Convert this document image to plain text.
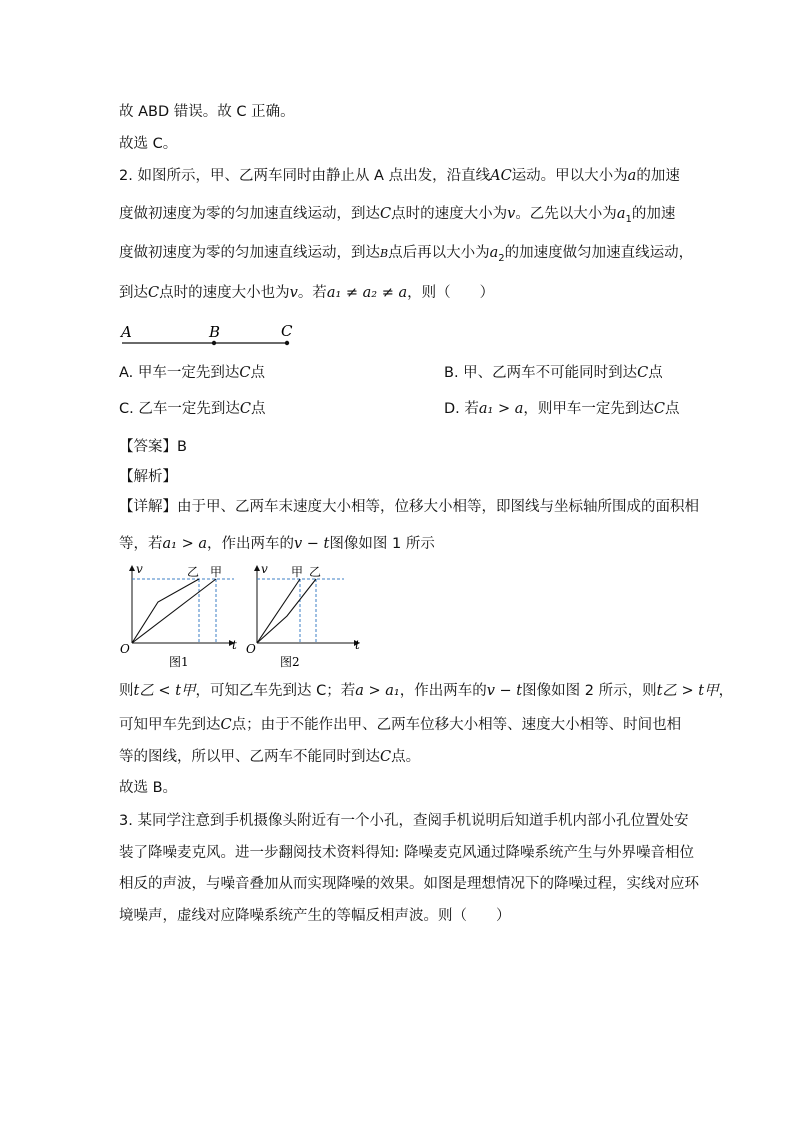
故 ABD 错误。故 C 正确。
故选 C。
2. 如图所示，甲、乙两车同时由静止从 A 点出发，沿直线AC运动。甲以大小为a的加速
度做初速度为零的匀加速直线运动，到达C点时的速度大小为v。乙先以大小为$a_1$的加速
度做初速度为零的匀加速直线运动，到达B点后再以大小为$a_2$的加速度做匀加速直线运动，
到达C点时的速度大小也为v。若a₁ ≠ a₂ ≠ a，则（　　）
A	B	C
A. 甲车一定先到达C点	B. 甲、乙两车不可能同时到达C点
C. 乙车一定先到达C点	D. 若a₁ > a，则甲车一定先到达C点
【答案】B
【解析】
【详解】由于甲、乙两车末速度大小相等，位移大小相等，即图线与坐标轴所围成的面积相
等，若a₁ > a，作出两车的v − t图像如图 1 所示
v
t
O
乙 甲
图1
v
t
O
甲 乙
图2
则t乙 < t甲，可知乙车先到达 C；若a > a₁，作出两车的v − t图像如图 2 所示，则t乙 > t甲，
可知甲车先到达C点；由于不能作出甲、乙两车位移大小相等、速度大小相等、时间也相
等的图线，所以甲、乙两车不能同时到达C点。
故选 B。
3. 某同学注意到手机摄像头附近有一个小孔，查阅手机说明后知道手机内部小孔位置处安
装了降噪麦克风。进一步翻阅技术资料得知: 降噪麦克风通过降噪系统产生与外界噪音相位
相反的声波，与噪音叠加从而实现降噪的效果。如图是理想情况下的降噪过程，实线对应环
境噪声，虚线对应降噪系统产生的等幅反相声波。则（　　）
